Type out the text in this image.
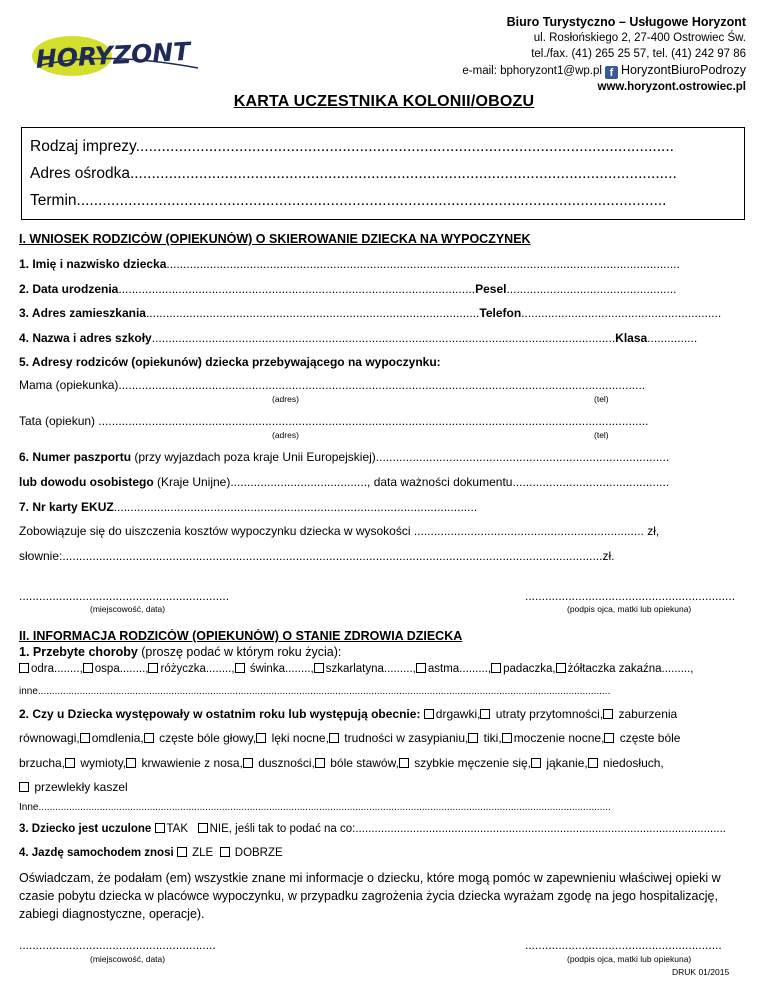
HORYZONT
Biuro Turystyczno – Usługowe Horyzont
ul. Rosłońskiego 2, 27-400 Ostrowiec Św.
tel./fax. (41) 265 25 57, tel. (41) 242 97 86
e-mail: bphoryzont1@wp.pl f HoryzontBiuroPodrozy
www.horyzont.ostrowiec.pl
KARTA UCZESTNIKA KOLONII/OBOZU
Rodzaj imprezy.............................................................................................................................
Adres ośrodka...............................................................................................................................
Termin.........................................................................................................................................
I. WNIOSEK RODZICÓW (OPIEKUNÓW) O SKIEROWANIE DZIECKA NA WYPOCZYNEK
1. Imię i nazwisko dziecka..........................................................................................................................................................
2. Data urodzenia...........................................................................................................Pesel...................................................
3. Adres zamieszkania....................................................................................................Telefon............................................................
4. Nazwa i adres szkoły...........................................................................................................................................Klasa...............
5. Adresy rodziców (opiekunów) dziecka przebywającego na wypoczynku:
Mama (opiekunka)..............................................................................................................................................................
(adres)	(tel)
Tata (opiekun) .....................................................................................................................................................................
(adres)	(tel)
6. Numer paszportu (przy wyjazdach poza kraje Unii Europejskiej)........................................................................................
lub dowodu osobistego (Kraje Unijne)........................................., data ważności dokumentu...............................................
7. Nr karty EKUZ.............................................................................................................
Zobowiązuje się do uiszczenia kosztów wypoczynku dziecka w wysokości ..................................................................... zł,
słownie:..................................................................................................................................................................zł.
...............................................................	...............................................................
(miejscowość, data)	(podpis ojca, matki lub opiekuna)
II. INFORMACJA RODZICÓW (OPIEKUNÓW) O STANIE ZDROWIA DZIECKA
1. Przebyte choroby (proszę podać w którym roku życia):
odra........, ospa........, różyczka........, świnka........, szkarlatyna........., astma........., padaczka, żółtaczka zakaźna.........,
inne..............................................................................................................................................................................................................
2. Czy u Dziecka występowały w ostatnim roku lub występują obecnie: drgawki, utraty przytomności, zaburzenia
równowagi, omdlenia, częste bóle głowy, lęki nocne, trudności w zasypianiu, tiki, moczenie nocne, częste bóle
brzucha, wymioty, krwawienie z nosa, duszności, bóle stawów, szybkie męczenie się, jąkanie, niedosłuch,
przewlekły kaszel
Inne..............................................................................................................................................................................................................
3. Dziecko jest uczulone TAK NIE, jeśli tak to podać na co:....................................................................................................................
4. Jazdę samochodem znosi  ŹLE   DOBRZE
Oświadczam, że podałam (em) wszystkie znane mi informacje o dziecku, które mogą pomóc w zapewnieniu właściwej opieki w czasie pobytu dziecka w placówce wypoczynku, w przypadku zagrożenia życia dziecka wyrażam zgodę na jego hospitalizację, zabiegi diagnostyczne, operacje).
...........................................................	...........................................................
(miejscowość, data)	(podpis ojca, matki lub opiekuna)
DRUK 01/2015
